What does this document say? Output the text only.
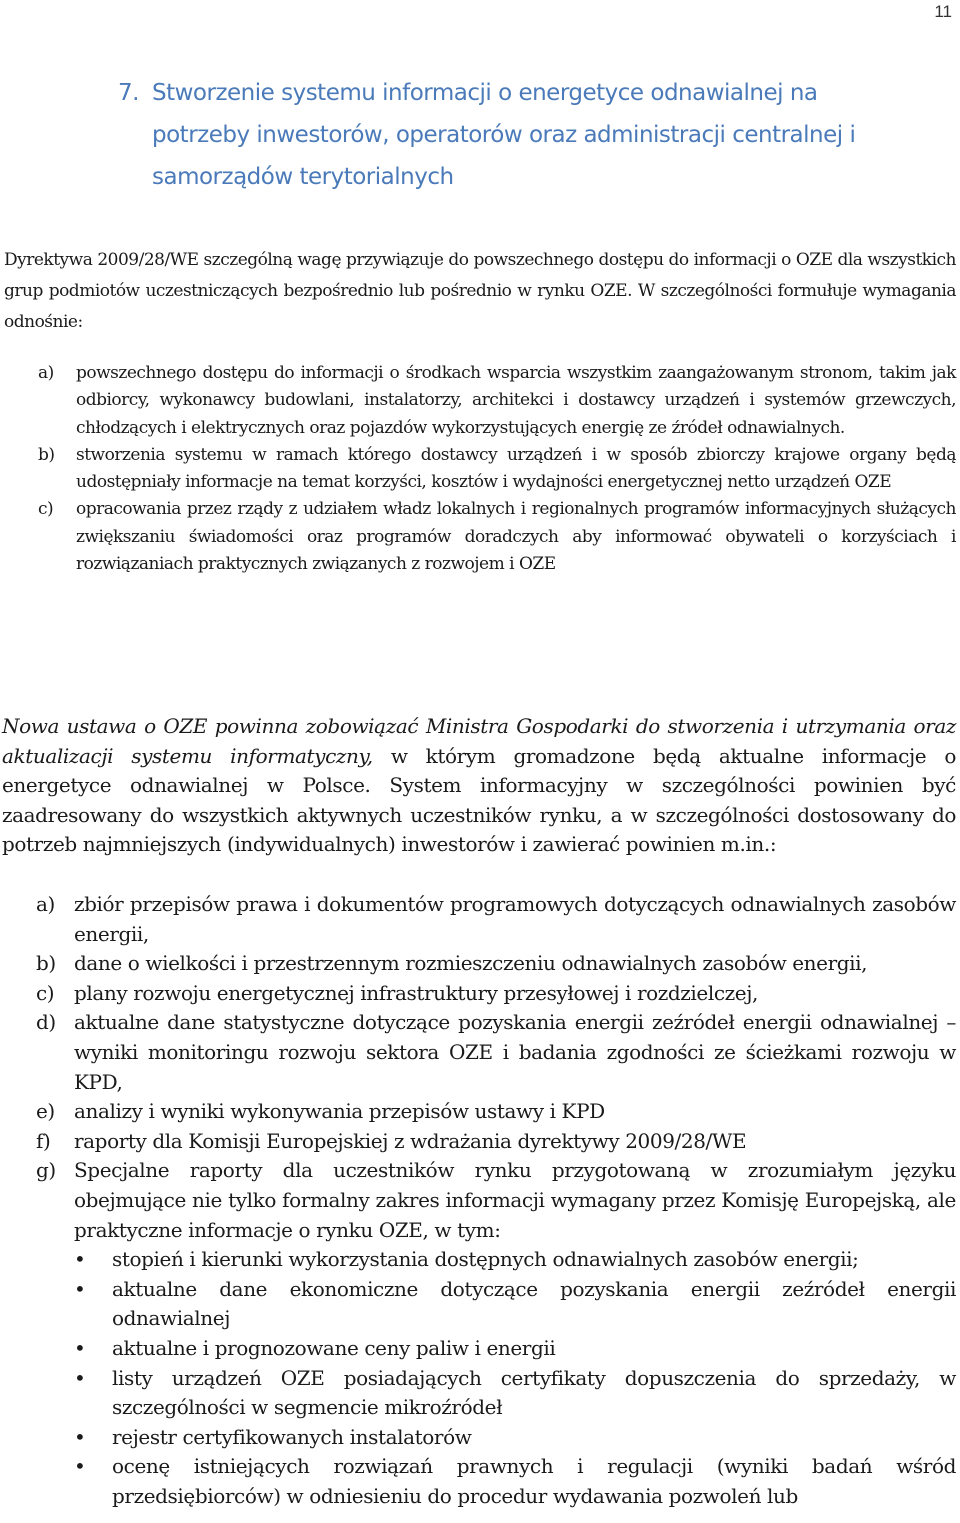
11
7. Stworzenie systemu informacji o energetyce odnawialnej na potrzeby inwestorów, operatorów oraz administracji centralnej i samorządów terytorialnych
Dyrektywa 2009/28/WE szczególną wagę przywiązuje do powszechnego dostępu do informacji o OZE dla wszystkich grup podmiotów uczestniczących bezpośrednio lub pośrednio w rynku OZE. W szczególności formułuje wymagania odnośnie:
a) powszechnego dostępu do informacji o środkach wsparcia wszystkim zaangażowanym stronom, takim jak odbiorcy, wykonawcy budowlani, instalatorzy, architekci i dostawcy urządzeń i systemów grzewczych, chłodzących i elektrycznych oraz pojazdów wykorzystujących energię ze źródeł odnawialnych.
b) stworzenia systemu w ramach którego dostawcy urządzeń i w sposób zbiorczy krajowe organy będą udostępniały informacje na temat korzyści, kosztów i wydajności energetycznej netto urządzeń OZE
c) opracowania przez rządy z udziałem władz lokalnych i regionalnych programów informacyjnych służących zwiększaniu świadomości oraz programów doradczych aby informować obywateli o korzyściach i rozwiązaniach praktycznych związanych z rozwojem i OZE
Nowa ustawa o OZE powinna zobowiązać Ministra Gospodarki do stworzenia i utrzymania oraz aktualizacji systemu informatyczny, w którym gromadzone będą aktualne informacje o energetyce odnawialnej w Polsce. System informacyjny w szczególności powinien być zaadresowany do wszystkich aktywnych uczestników rynku, a w szczególności dostosowany do potrzeb najmniejszych (indywidualnych) inwestorów i zawierać powinien m.in.:
a) zbiór przepisów prawa i dokumentów programowych dotyczących odnawialnych zasobów energii,
b) dane o wielkości i przestrzennym rozmieszczeniu odnawialnych zasobów energii,
c) plany rozwoju energetycznej infrastruktury przesyłowej i rozdzielczej,
d) aktualne dane statystyczne dotyczące pozyskania energii zeźródeł energii odnawialnej – wyniki monitoringu rozwoju sektora OZE i badania zgodności ze ścieżkami rozwoju w KPD,
e) analizy i wyniki wykonywania przepisów ustawy i KPD
f) raporty dla Komisji Europejskiej z wdrażania dyrektywy 2009/28/WE
g) Specjalne raporty dla uczestników rynku przygotowaną w zrozumiałym języku obejmujące nie tylko formalny zakres informacji wymagany przez Komisję Europejską, ale praktyczne informacje o rynku OZE, w tym:
• stopień i kierunki wykorzystania dostępnych odnawialnych zasobów energii;
• aktualne dane ekonomiczne dotyczące pozyskania energii zeźródeł energii odnawialnej
• aktualne i prognozowane ceny paliw i energii
• listy urządzeń OZE posiadających certyfikaty dopuszczenia do sprzedaży, w szczególności w segmencie mikroźródeł
• rejestr certyfikowanych instalatorów
• ocenę istniejących rozwiązań prawnych i regulacji (wyniki badań wśród przedsiębiorców) w odniesieniu do procedur wydawania pozwoleń lub
